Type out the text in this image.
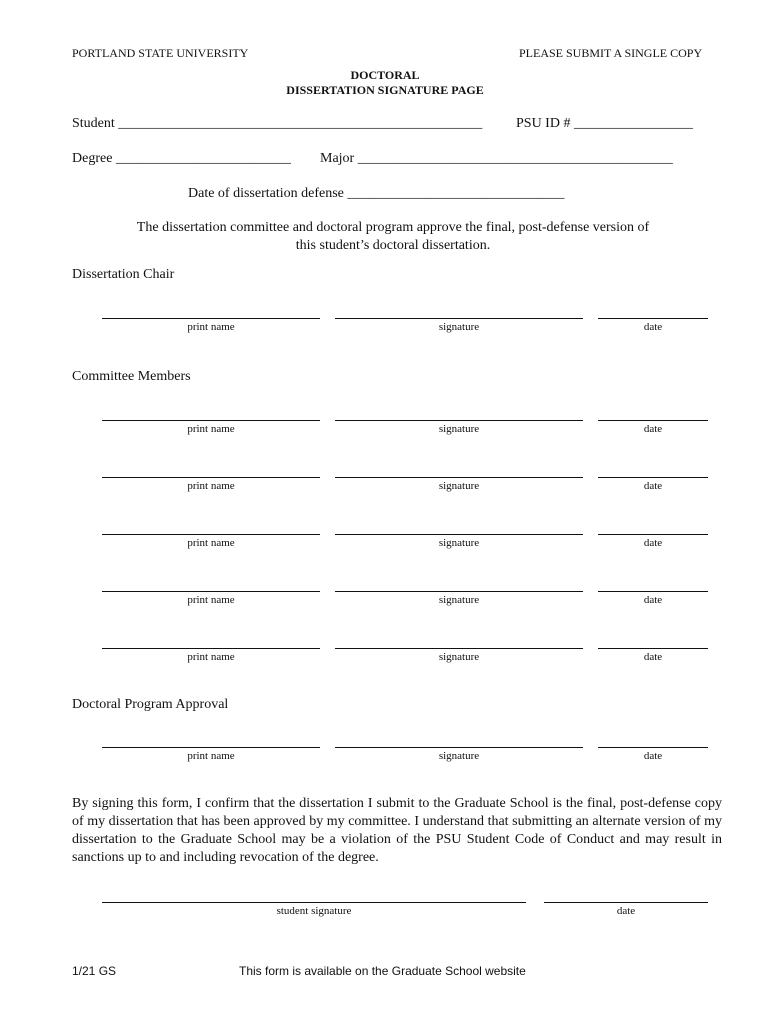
PORTLAND STATE UNIVERSITY	PLEASE SUBMIT A SINGLE COPY
DOCTORAL
DISSERTATION SIGNATURE PAGE
Student ____________________________________________________ PSU ID # _________________
Degree _________________________ Major _____________________________________________
Date of dissertation defense _______________________________
The dissertation committee and doctoral program approve the final, post-defense version of
this student’s doctoral dissertation.
Dissertation Chair
print name	signature	date
Committee Members
print name	signature	date
print name	signature	date
print name	signature	date
print name	signature	date
print name	signature	date
Doctoral Program Approval
print name	signature	date
By signing this form, I confirm that the dissertation I submit to the Graduate School is the final, post-defense copy of my dissertation that has been approved by my committee. I understand that submitting an alternate version of my dissertation to the Graduate School may be a violation of the PSU Student Code of Conduct and may result in sanctions up to and including revocation of the degree.
student signature	date
1/21 GS	This form is available on the Graduate School website
